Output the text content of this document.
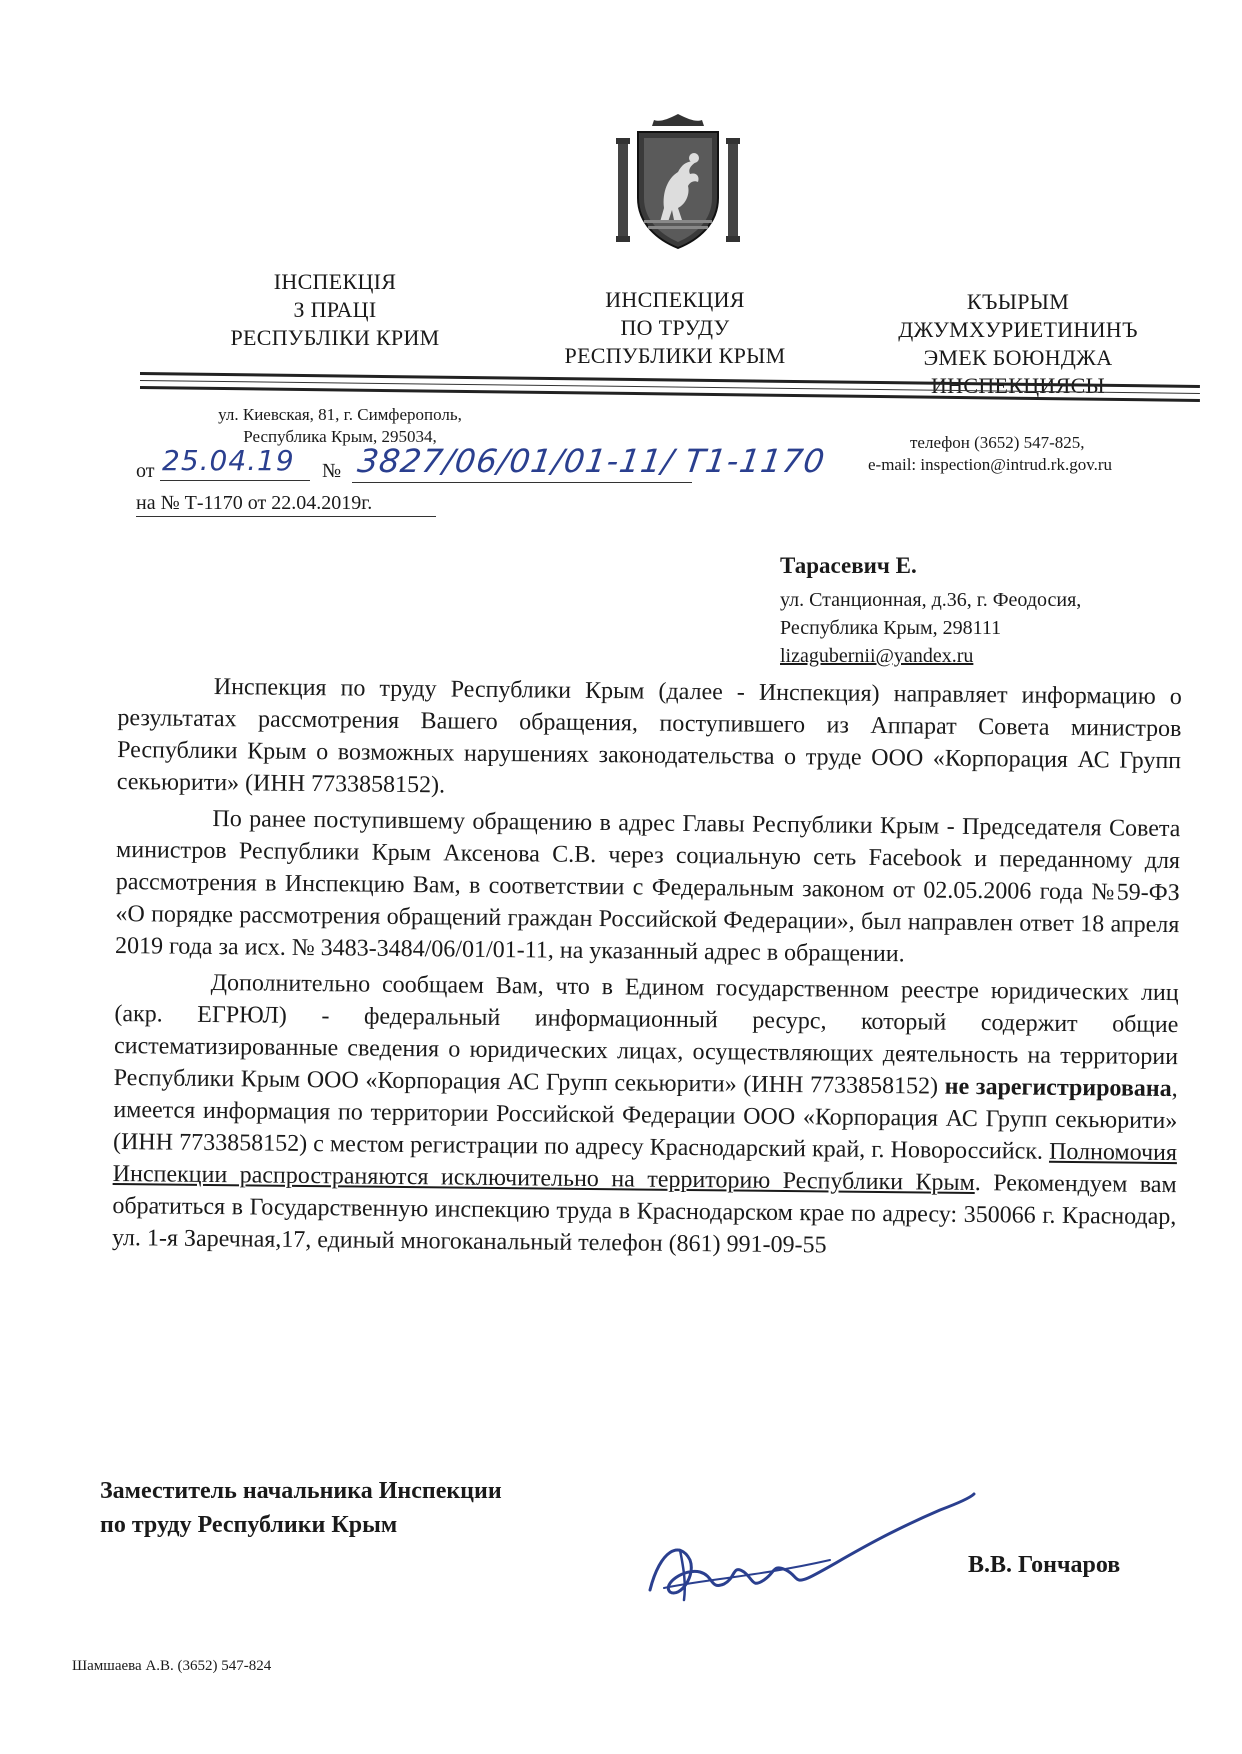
ІНСПЕКЦІЯ
З ПРАЦІ
РЕСПУБЛІКИ КРИМ
ИНСПЕКЦИЯ
ПО ТРУДУ
РЕСПУБЛИКИ КРЫМ
КЪЫРЫМ
ДЖУМХУРИЕТИНИНЪ
ЭМЕК БОЮНДЖА
ИНСПЕКЦИЯСЫ
ул. Киевская, 81, г. Симферополь,
Республика Крым, 295034,	телефон (3652) 547-825,
e-mail: inspection@intrud.rk.gov.ru
от 25.04.19 № 3827/06/01/01-11/ Т1-1170
на № Т-1170 от 22.04.2019г.
Тарасевич Е.
ул. Станционная, д.36, г. Феодосия,
Республика Крым, 298111
lizagubernii@yandex.ru

Инспекция по труду Республики Крым (далее - Инспекция) направляет информацию о результатах рассмотрения Вашего обращения, поступившего из Аппарат Совета министров Республики Крым о возможных нарушениях законодательства о труде ООО «Корпорация АС Групп секьюрити» (ИНН 7733858152).

По ранее поступившему обращению в адрес Главы Республики Крым - Председателя Совета министров Республики Крым Аксенова С.В. через социальную сеть Facebook и переданному для рассмотрения в Инспекцию Вам, в соответствии с Федеральным законом от 02.05.2006 года №59-ФЗ «О порядке рассмотрения обращений граждан Российской Федерации», был направлен ответ 18 апреля 2019 года за исх. № 3483-3484/06/01/01-11, на указанный адрес в обращении.

Дополнительно сообщаем Вам, что в Едином государственном реестре юридических лиц (акр. ЕГРЮЛ) - федеральный информационный ресурс, который содержит общие систематизированные сведения о юридических лицах, осуществляющих деятельность на территории Республики Крым ООО «Корпорация АС Групп секьюрити» (ИНН 7733858152) не зарегистрирована, имеется информация по территории Российской Федерации ООО «Корпорация АС Групп секьюрити» (ИНН 7733858152) с местом регистрации по адресу Краснодарский край, г. Новороссийск. Полномочия Инспекции распространяются исключительно на территорию Республики Крым. Рекомендуем вам обратиться в Государственную инспекцию труда в Краснодарском крае по адресу: 350066 г. Краснодар, ул. 1-я Заречная,17, единый многоканальный телефон (861) 991-09-55

Заместитель начальника Инспекции
по труду Республики Крым
В.В. Гончаров
Шамшаева А.В. (3652) 547-824
